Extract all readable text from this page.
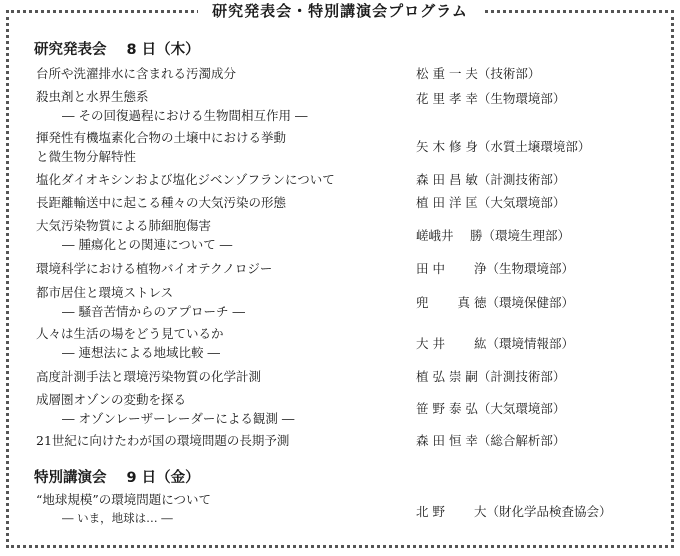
研究発表会・特別講演会プログラム
研究発表会 8 日（木）
台所や洗濯排水に含まれる汚濁成分	松 重 一 夫（技術部）
殺虫剤と水界生態系
― その回復過程における生物間相互作用 ―
花 里 孝 幸（生物環境部）
揮発性有機塩素化合物の土壌中における挙動
と微生物分解特性
矢 木 修 身（水質土壌環境部）
塩化ダイオキシンおよび塩化ジベンゾフランについて	森 田 昌 敏（計測技術部）
長距離輸送中に起こる種々の大気汚染の形態	植 田 洋 匡（大気環境部）
大気汚染物質による肺細胞傷害
― 腫瘍化との関連について ―
嵯峨井　 勝（環境生理部）
環境科学における植物バイオテクノロジー	田 中　　 浄（生物環境部）
都市居住と環境ストレス
― 騒音苦情からのアプローチ ―
兜　　 真 徳（環境保健部）
人々は生活の場をどう見ているか
― 連想法による地域比較 ―
大 井　　 紘（環境情報部）
高度計測手法と環境汚染物質の化学計測	植 弘 崇 嗣（計測技術部）
成層圏オゾンの変動を探る
― オゾンレーザーレーダーによる観測 ―
笹 野 泰 弘（大気環境部）
21世紀に向けたわが国の環境問題の長期予測	森 田 恒 幸（総合解析部）
特別講演会 9 日（金）
“地球規模”の環境問題について
― いま，地球は… ―	北 野　　 大（財化学品検査協会）
